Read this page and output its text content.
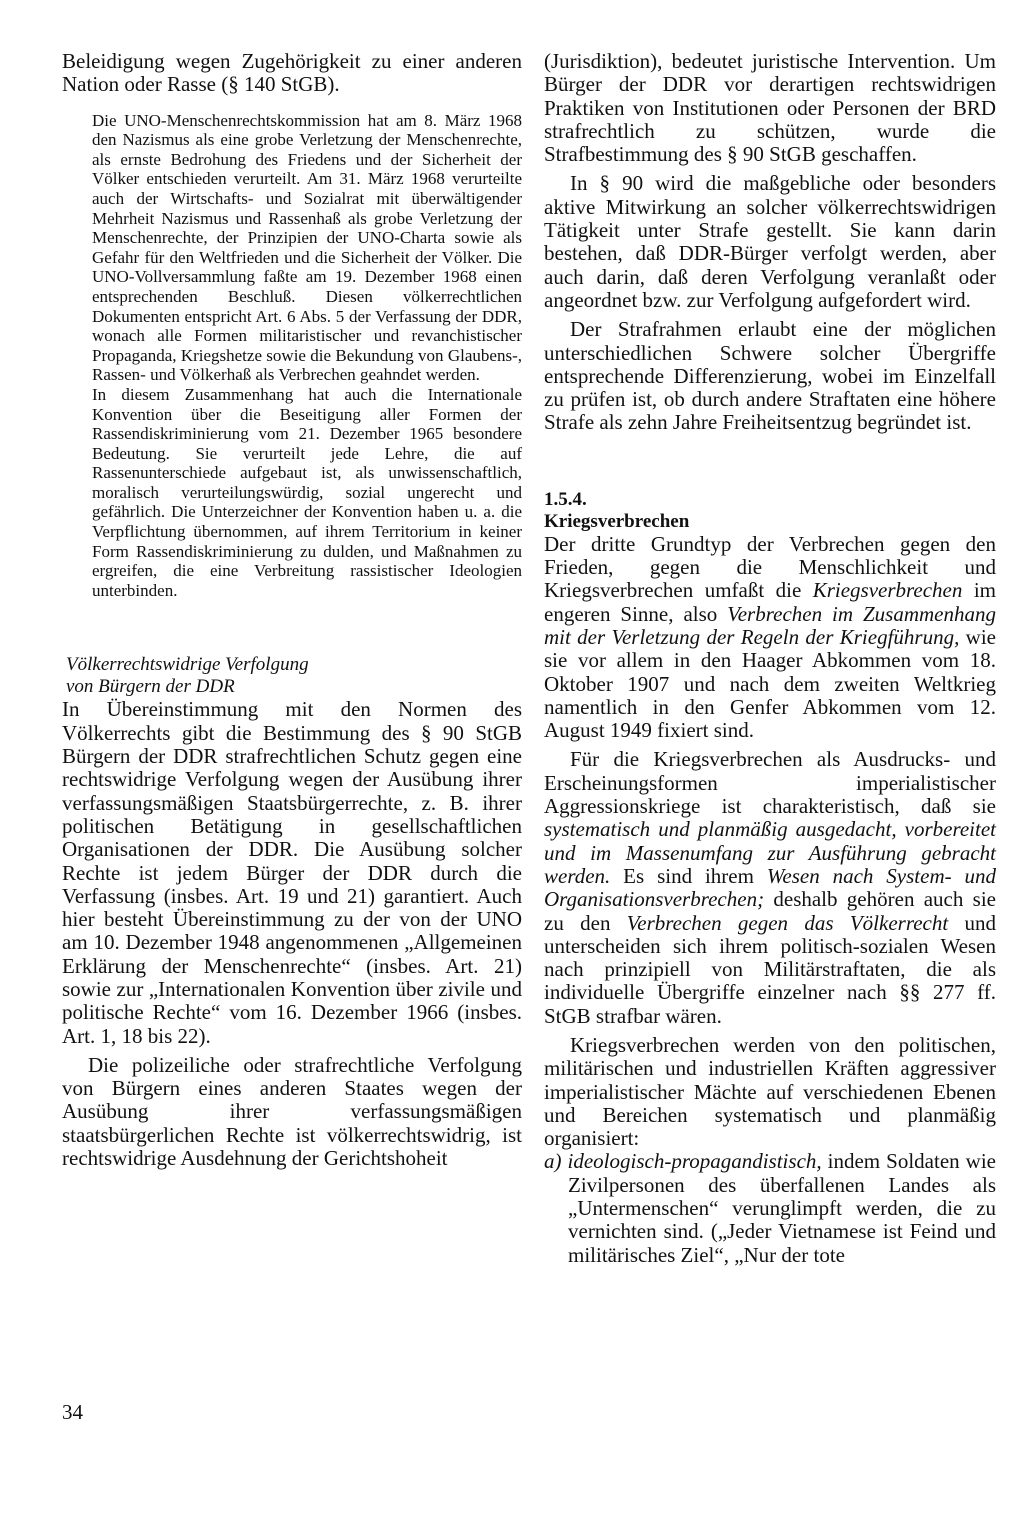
Beleidigung wegen Zugehörigkeit zu einer anderen Nation oder Rasse (§ 140 StGB).

Die UNO-Menschenrechtskommission hat am 8. März 1968 den Nazismus als eine grobe Verletzung der Menschenrechte, als ernste Bedrohung des Friedens und der Sicherheit der Völker entschieden verurteilt. Am 31. März 1968 verurteilte auch der Wirtschafts- und Sozialrat mit überwältigender Mehrheit Nazismus und Rassenhaß als grobe Verletzung der Menschenrechte, der Prinzipien der UNO-Charta sowie als Gefahr für den Weltfrieden und die Sicherheit der Völker. Die UNO-Vollversammlung faßte am 19. Dezember 1968 einen entsprechenden Beschluß. Diesen völkerrechtlichen Dokumenten entspricht Art. 6 Abs. 5 der Verfassung der DDR, wonach alle Formen militaristischer und revanchistischer Propaganda, Kriegshetze sowie die Bekundung von Glaubens-, Rassen- und Völkerhaß als Verbrechen geahndet werden.

In diesem Zusammenhang hat auch die Internationale Konvention über die Beseitigung aller Formen der Rassendiskriminierung vom 21. Dezember 1965 besondere Bedeutung. Sie verurteilt jede Lehre, die auf Rassenunterschiede aufgebaut ist, als unwissenschaftlich, moralisch verurteilungswürdig, sozial ungerecht und gefährlich. Die Unterzeichner der Konvention haben u. a. die Verpflichtung übernommen, auf ihrem Territorium in keiner Form Rassendiskriminierung zu dulden, und Maßnahmen zu ergreifen, die eine Verbreitung rassistischer Ideologien unterbinden.

Völkerrechtswidrige Verfolgung
von Bürgern der DDR

In Übereinstimmung mit den Normen des Völkerrechts gibt die Bestimmung des § 90 StGB Bürgern der DDR strafrechtlichen Schutz gegen eine rechtswidrige Verfolgung wegen der Ausübung ihrer verfassungsmäßigen Staatsbürgerrechte, z. B. ihrer politischen Betätigung in gesellschaftlichen Organisationen der DDR. Die Ausübung solcher Rechte ist jedem Bürger der DDR durch die Verfassung (insbes. Art. 19 und 21) garantiert. Auch hier besteht Übereinstimmung zu der von der UNO am 10. Dezember 1948 angenommenen „Allgemeinen Erklärung der Menschenrechte“ (insbes. Art. 21) sowie zur „Internationalen Konvention über zivile und politische Rechte“ vom 16. Dezember 1966 (insbes. Art. 1, 18 bis 22).

Die polizeiliche oder strafrechtliche Verfolgung von Bürgern eines anderen Staates wegen der Ausübung ihrer verfassungsmäßigen staatsbürgerlichen Rechte ist völkerrechtswidrig, ist rechtswidrige Ausdehnung der Gerichtshoheit

(Jurisdiktion), bedeutet juristische Intervention. Um Bürger der DDR vor derartigen rechtswidrigen Praktiken von Institutionen oder Personen der BRD strafrechtlich zu schützen, wurde die Strafbestimmung des § 90 StGB geschaffen.

In § 90 wird die maßgebliche oder besonders aktive Mitwirkung an solcher völkerrechtswidrigen Tätigkeit unter Strafe gestellt. Sie kann darin bestehen, daß DDR-Bürger verfolgt werden, aber auch darin, daß deren Verfolgung veranlaßt oder angeordnet bzw. zur Verfolgung aufgefordert wird.

Der Strafrahmen erlaubt eine der möglichen unterschiedlichen Schwere solcher Übergriffe entsprechende Differenzierung, wobei im Einzelfall zu prüfen ist, ob durch andere Straftaten eine höhere Strafe als zehn Jahre Freiheitsentzug begründet ist.

1.5.4.
Kriegsverbrechen

Der dritte Grundtyp der Verbrechen gegen den Frieden, gegen die Menschlichkeit und Kriegsverbrechen umfaßt die Kriegsverbrechen im engeren Sinne, also Verbrechen im Zusammenhang mit der Verletzung der Regeln der Kriegführung, wie sie vor allem in den Haager Abkommen vom 18. Oktober 1907 und nach dem zweiten Weltkrieg namentlich in den Genfer Abkommen vom 12. August 1949 fixiert sind.

Für die Kriegsverbrechen als Ausdrucks- und Erscheinungsformen imperialistischer Aggressionskriege ist charakteristisch, daß sie systematisch und planmäßig ausgedacht, vorbereitet und im Massenumfang zur Ausführung gebracht werden. Es sind ihrem Wesen nach System- und Organisationsverbrechen; deshalb gehören auch sie zu den Verbrechen gegen das Völkerrecht und unterscheiden sich ihrem politisch-sozialen Wesen nach prinzipiell von Militärstraftaten, die als individuelle Übergriffe einzelner nach §§ 277 ff. StGB strafbar wären.

Kriegsverbrechen werden von den politischen, militärischen und industriellen Kräften aggressiver imperialistischer Mächte auf verschiedenen Ebenen und Bereichen systematisch und planmäßig organisiert:

a) ideologisch-propagandistisch, indem Soldaten wie Zivilpersonen des überfallenen Landes als „Untermenschen“ verunglimpft werden, die zu vernichten sind. („Jeder Vietnamese ist Feind und militärisches Ziel“, „Nur der tote

34
